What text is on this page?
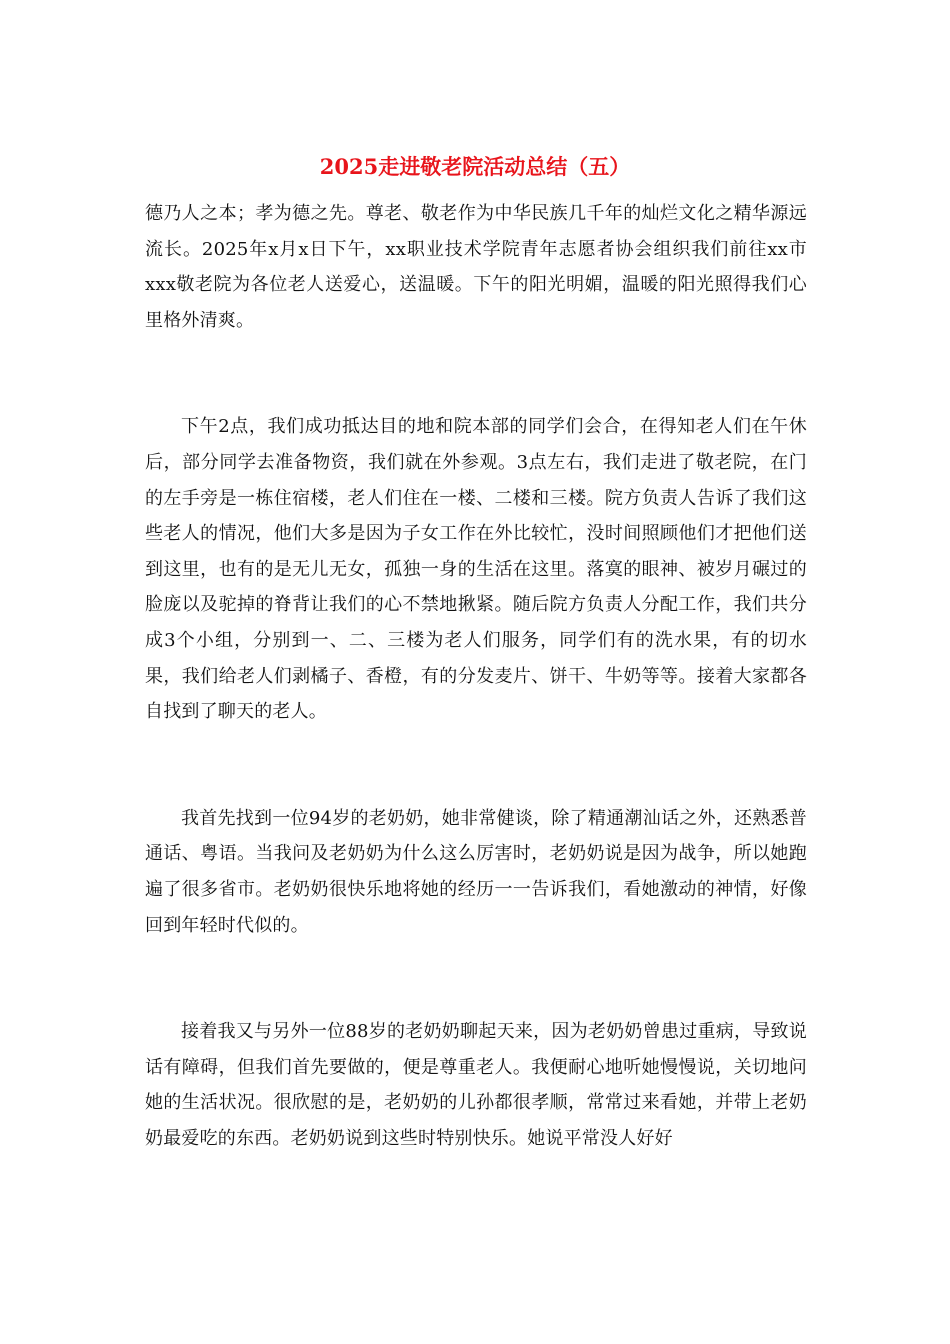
2025走进敬老院活动总结（五）

德乃人之本；孝为德之先。尊老、敬老作为中华民族几千年的灿烂文化之精华源远流长。2025年x月x日下午，xx职业技术学院青年志愿者协会组织我们前往xx市xxx敬老院为各位老人送爱心，送温暖。下午的阳光明媚，温暖的阳光照得我们心里格外清爽。

下午2点，我们成功抵达目的地和院本部的同学们会合，在得知老人们在午休后，部分同学去准备物资，我们就在外参观。3点左右，我们走进了敬老院，在门的左手旁是一栋住宿楼，老人们住在一楼、二楼和三楼。院方负责人告诉了我们这些老人的情况，他们大多是因为子女工作在外比较忙，没时间照顾他们才把他们送到这里，也有的是无儿无女，孤独一身的生活在这里。落寞的眼神、被岁月碾过的脸庞以及驼掉的脊背让我们的心不禁地揪紧。随后院方负责人分配工作，我们共分成3个小组，分别到一、二、三楼为老人们服务，同学们有的洗水果，有的切水果，我们给老人们剥橘子、香橙，有的分发麦片、饼干、牛奶等等。接着大家都各自找到了聊天的老人。

我首先找到一位94岁的老奶奶，她非常健谈，除了精通潮汕话之外，还熟悉普通话、粤语。当我问及老奶奶为什么这么厉害时，老奶奶说是因为战争，所以她跑遍了很多省市。老奶奶很快乐地将她的经历一一告诉我们，看她激动的神情，好像回到年轻时代似的。

接着我又与另外一位88岁的老奶奶聊起天来，因为老奶奶曾患过重病，导致说话有障碍，但我们首先要做的，便是尊重老人。我便耐心地听她慢慢说，关切地问她的生活状况。很欣慰的是，老奶奶的儿孙都很孝顺，常常过来看她，并带上老奶奶最爱吃的东西。老奶奶说到这些时特别快乐。她说平常没人好好
